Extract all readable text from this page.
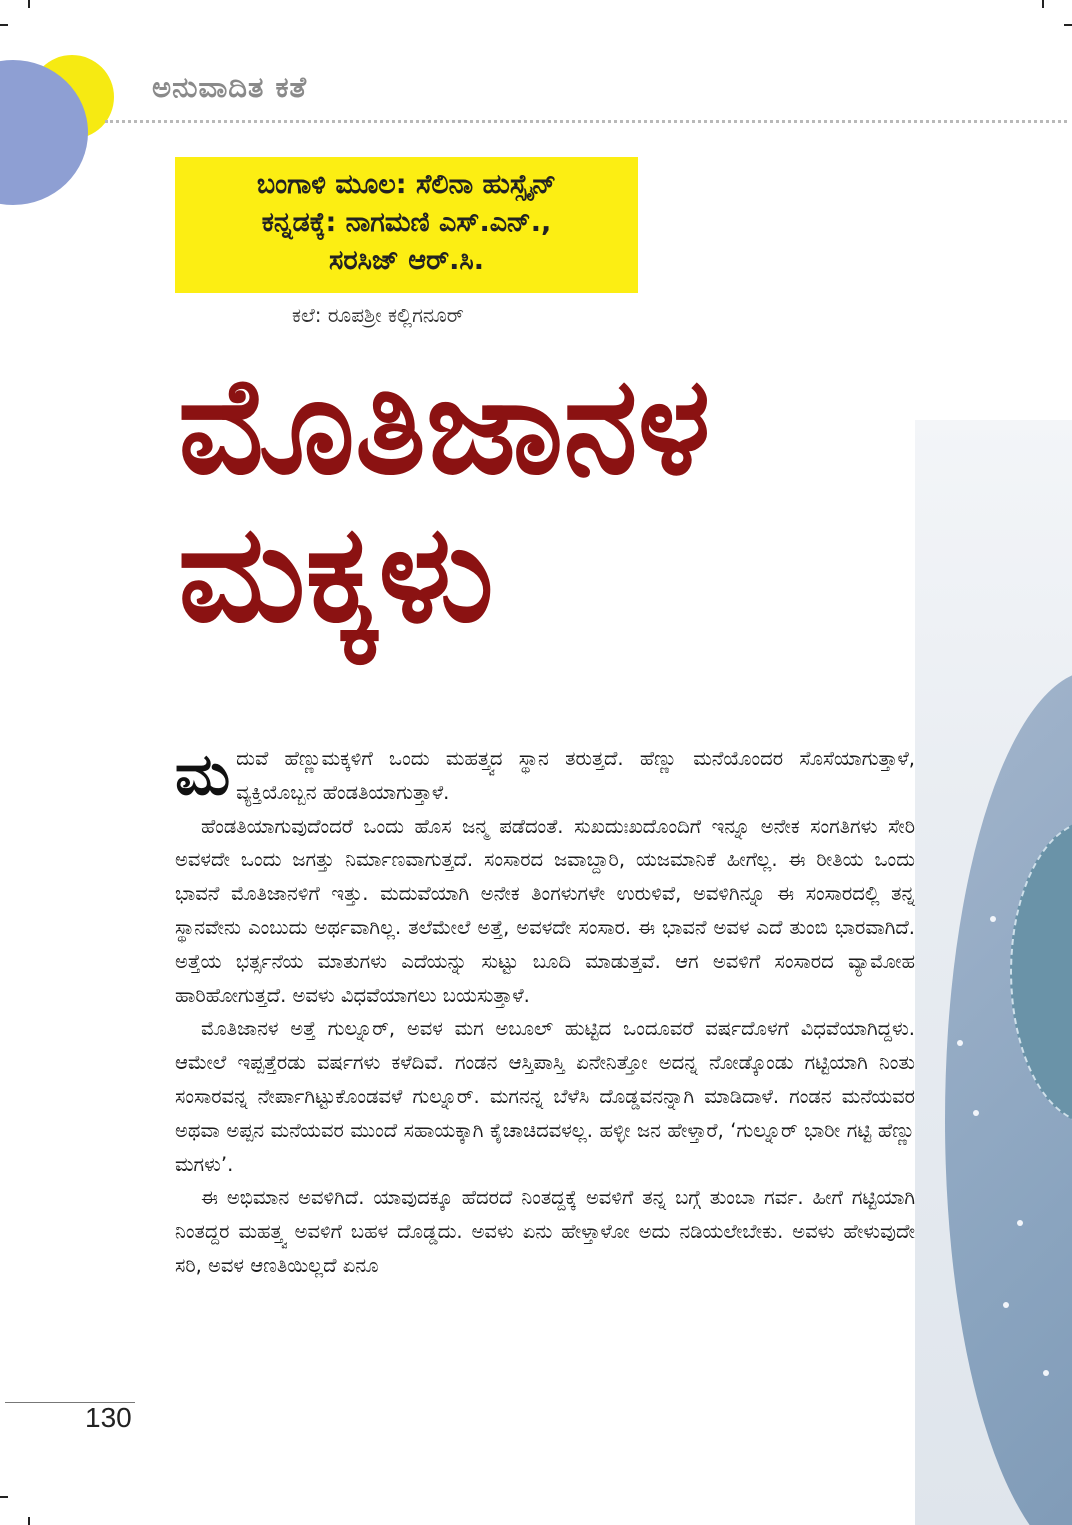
ಅನುವಾದಿತ ಕತೆ
ಬಂಗಾಳಿ ಮೂಲ: ಸೆಲಿನಾ ಹುಸ್ಸೈನ್
ಕನ್ನಡಕ್ಕೆ: ನಾಗಮಣಿ ಎಸ್.ಎನ್.,
ಸರಸಿಜ್ ಆರ್.ಸಿ.
ಕಲೆ: ರೂಪಶ್ರೀ ಕಲ್ಲಿಗನೂರ್
ಮೊತಿಜಾನಳ
ಮಕ್ಕಳು

ಮದುವೆ ಹೆಣ್ಣುಮಕ್ಕಳಿಗೆ ಒಂದು ಮಹತ್ತ್ವದ ಸ್ಥಾನ ತರುತ್ತದೆ. ಹೆಣ್ಣು ಮನೆಯೊಂದರ ಸೊಸೆಯಾಗುತ್ತಾಳೆ, ವ್ಯಕ್ತಿಯೊಬ್ಬನ ಹೆಂಡತಿಯಾಗುತ್ತಾಳೆ.

ಹೆಂಡತಿಯಾಗುವುದೆಂದರೆ ಒಂದು ಹೊಸ ಜನ್ಮ ಪಡೆದಂತೆ. ಸುಖದುಃಖದೊಂದಿಗೆ ಇನ್ನೂ ಅನೇಕ ಸಂಗತಿಗಳು ಸೇರಿ ಅವಳದೇ ಒಂದು ಜಗತ್ತು ನಿರ್ಮಾಣವಾಗುತ್ತದೆ. ಸಂಸಾರದ ಜವಾಬ್ದಾರಿ, ಯಜಮಾನಿಕೆ ಹೀಗೆಲ್ಲ. ಈ ರೀತಿಯ ಒಂದು ಭಾವನೆ ಮೊತಿಜಾನಳಿಗೆ ಇತ್ತು. ಮದುವೆಯಾಗಿ ಅನೇಕ ತಿಂಗಳುಗಳೇ ಉರುಳಿವೆ, ಅವಳಿಗಿನ್ನೂ ಈ ಸಂಸಾರದಲ್ಲಿ ತನ್ನ ಸ್ಥಾನವೇನು ಎಂಬುದು ಅರ್ಥವಾಗಿಲ್ಲ. ತಲೆಮೇಲೆ ಅತ್ತೆ, ಅವಳದೇ ಸಂಸಾರ. ಈ ಭಾವನೆ ಅವಳ ಎದೆ ತುಂಬಿ ಭಾರವಾಗಿದೆ. ಅತ್ತೆಯ ಭರ್ತ್ಸನೆಯ ಮಾತುಗಳು ಎದೆಯನ್ನು ಸುಟ್ಟು ಬೂದಿ ಮಾಡುತ್ತವೆ. ಆಗ ಅವಳಿಗೆ ಸಂಸಾರದ ವ್ಯಾಮೋಹ ಹಾರಿಹೋಗುತ್ತದೆ. ಅವಳು ವಿಧವೆಯಾಗಲು ಬಯಸುತ್ತಾಳೆ.

ಮೊತಿಜಾನಳ ಅತ್ತೆ ಗುಲ್ನೂರ್, ಅವಳ ಮಗ ಅಬೂಲ್ ಹುಟ್ಟಿದ ಒಂದೂವರೆ ವರ್ಷದೊಳಗೆ ವಿಧವೆಯಾಗಿದ್ದಳು. ಆಮೇಲೆ ಇಪ್ಪತ್ತೆರಡು ವರ್ಷಗಳು ಕಳೆದಿವೆ. ಗಂಡನ ಆಸ್ತಿಪಾಸ್ತಿ ಏನೇನಿತ್ತೋ ಅದನ್ನ ನೋಡ್ಕೊಂಡು ಗಟ್ಟಿಯಾಗಿ ನಿಂತು ಸಂಸಾರವನ್ನ ನೇರ್ಪಾಗಿಟ್ಟುಕೊಂಡವಳೆ ಗುಲ್ನೂರ್. ಮಗನನ್ನ ಬೆಳೆಸಿ ದೊಡ್ಡವನನ್ನಾಗಿ ಮಾಡಿದಾಳೆ. ಗಂಡನ ಮನೆಯವರ ಅಥವಾ ಅಪ್ಪನ ಮನೆಯವರ ಮುಂದೆ ಸಹಾಯಕ್ಕಾಗಿ ಕೈಚಾಚಿದವಳಲ್ಲ. ಹಳ್ಳೀ ಜನ ಹೇಳ್ತಾರೆ, ‘ಗುಲ್ನೂರ್ ಭಾರೀ ಗಟ್ಟಿ ಹೆಣ್ಣು ಮಗಳು’.

ಈ ಅಭಿಮಾನ ಅವಳಿಗಿದೆ. ಯಾವುದಕ್ಕೂ ಹೆದರದೆ ನಿಂತದ್ದಕ್ಕೆ ಅವಳಿಗೆ ತನ್ನ ಬಗ್ಗೆ ತುಂಬಾ ಗರ್ವ. ಹೀಗೆ ಗಟ್ಟಿಯಾಗಿ ನಿಂತದ್ದರ ಮಹತ್ತ್ವ ಅವಳಿಗೆ ಬಹಳ ದೊಡ್ಡದು. ಅವಳು ಏನು ಹೇಳ್ತಾಳೋ ಅದು ನಡಿಯಲೇಬೇಕು. ಅವಳು ಹೇಳುವುದೇ ಸರಿ, ಅವಳ ಆಣತಿಯಿಲ್ಲದೆ ಏನೂ

130
